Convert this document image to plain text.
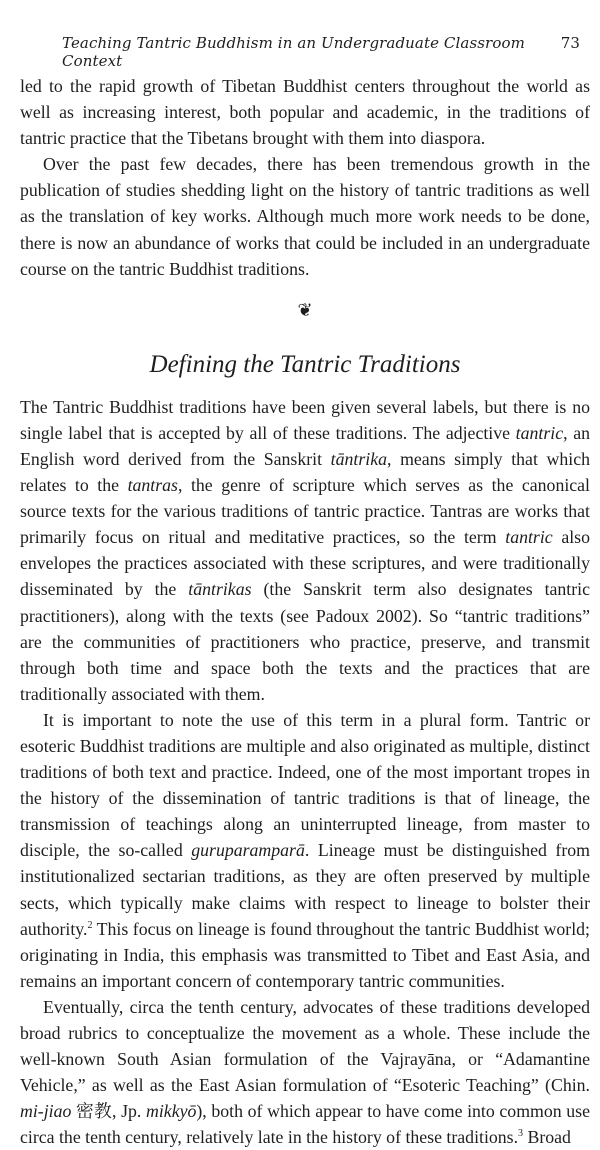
Teaching Tantric Buddhism in an Undergraduate Classroom Context
73

led to the rapid growth of Tibetan Buddhist centers throughout the world as well as increasing interest, both popular and academic, in the traditions of tantric practice that the Tibetans brought with them into diaspora.

Over the past few decades, there has been tremendous growth in the publication of studies shedding light on the history of tantric traditions as well as the translation of key works. Although much more work needs to be done, there is now an abundance of works that could be included in an undergraduate course on the tantric Buddhist traditions.

❦
Defining the Tantric Traditions

The Tantric Buddhist traditions have been given several labels, but there is no single label that is accepted by all of these traditions. The adjective tantric, an English word derived from the Sanskrit tāntrika, means simply that which relates to the tantras, the genre of scripture which serves as the canonical source texts for the various traditions of tantric practice. Tantras are works that primarily focus on ritual and meditative practices, so the term tantric also envelopes the practices associated with these scriptures, and were traditionally disseminated by the tāntrikas (the Sanskrit term also designates tantric practitioners), along with the texts (see Padoux 2002). So “tantric traditions” are the communities of practitioners who practice, preserve, and transmit through both time and space both the texts and the practices that are traditionally associated with them.

It is important to note the use of this term in a plural form. Tantric or esoteric Buddhist traditions are multiple and also originated as multiple, distinct traditions of both text and practice. Indeed, one of the most important tropes in the history of the dissemination of tantric traditions is that of lineage, the transmission of teachings along an uninterrupted lineage, from master to disciple, the so-called guruparamparā. Lineage must be distinguished from institutionalized sectarian traditions, as they are often preserved by multiple sects, which typically make claims with respect to lineage to bolster their authority.$^2$ This focus on lineage is found throughout the tantric Buddhist world; originating in India, this emphasis was transmitted to Tibet and East Asia, and remains an important concern of contemporary tantric communities.

Eventually, circa the tenth century, advocates of these traditions developed broad rubrics to conceptualize the movement as a whole. These include the well-known South Asian formulation of the Vajrayāna, or “Adamantine Vehicle,” as well as the East Asian formulation of “Esoteric Teaching” (Chin. mi-jiao 密教, Jp. mikkyō), both of which appear to have come into common use circa the tenth century, relatively late in the history of these traditions.$^3$ Broad
